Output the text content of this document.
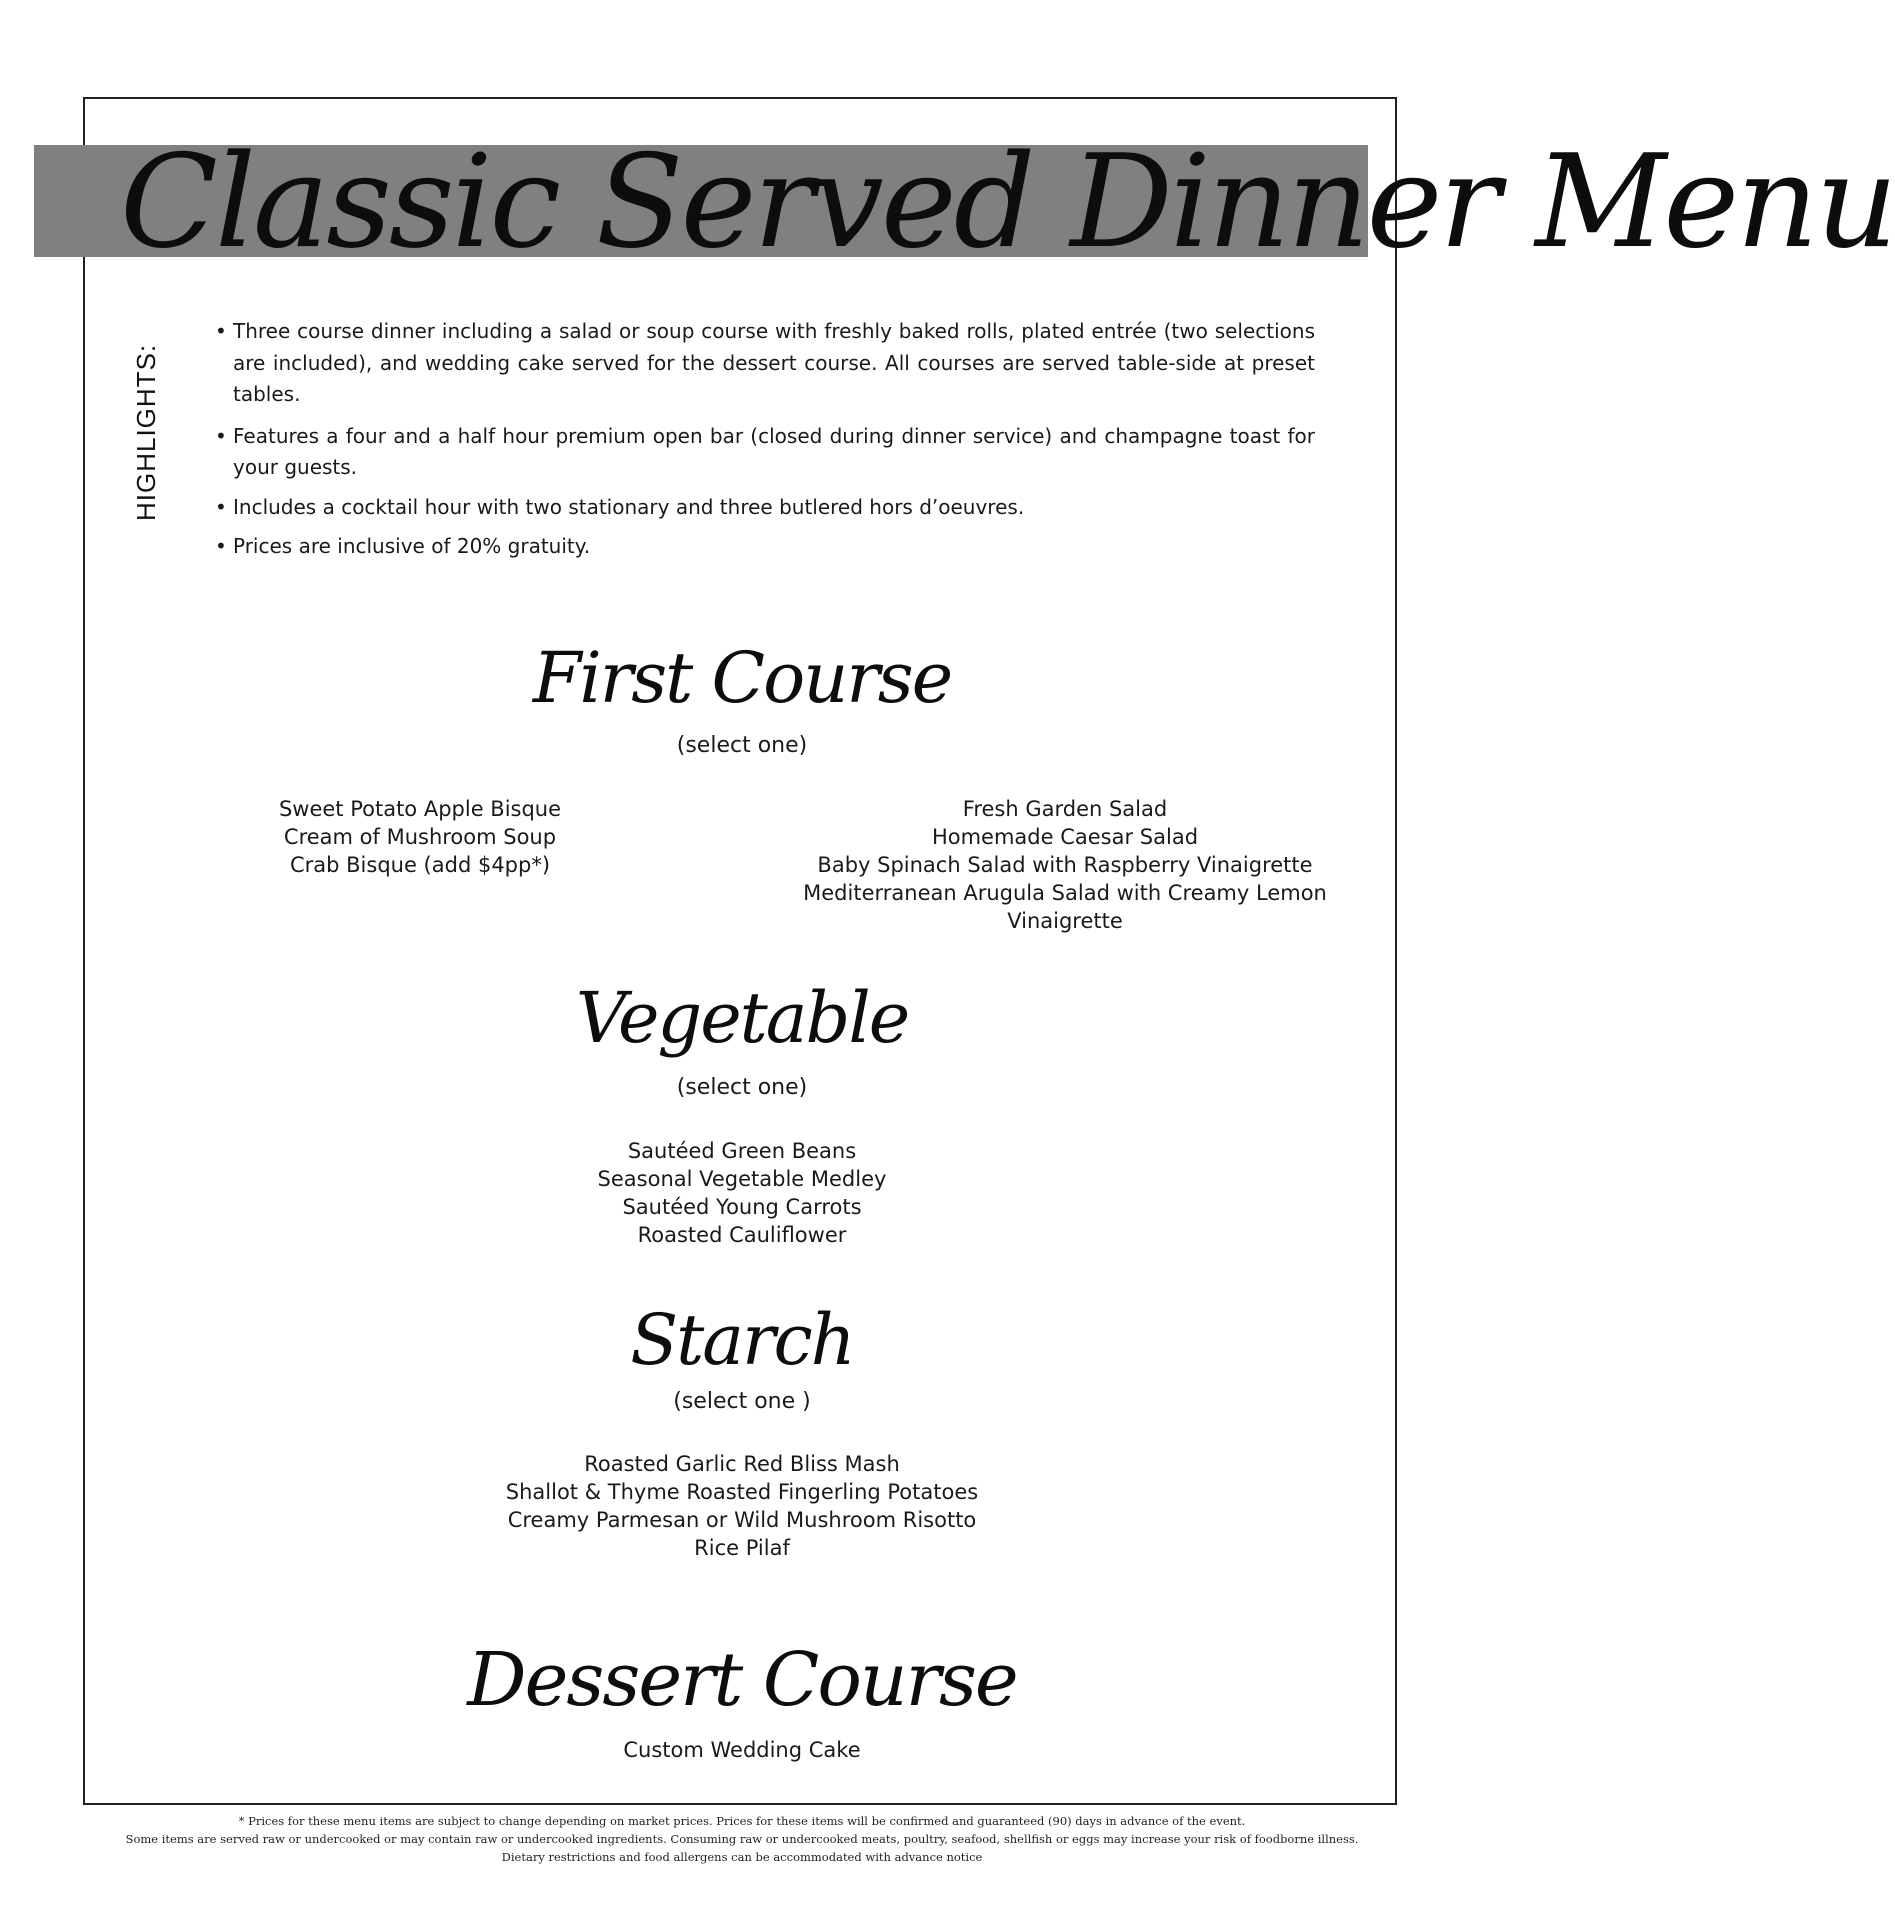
Classic Served Dinner Menu
HIGHLIGHTS:
• Three course dinner including a salad or soup course with freshly baked rolls, plated entrée (two selections are included), and wedding cake served for the dessert course. All courses are served table-side at preset tables.
• Features a four and a half hour premium open bar (closed during dinner service) and champagne toast for your guests.
• Includes a cocktail hour with two stationary and three butlered hors d’oeuvres.
• Prices are inclusive of 20% gratuity.
First Course
(select one)
Sweet Potato Apple Bisque
Cream of Mushroom Soup
Crab Bisque (add $4pp*)
Fresh Garden Salad
Homemade Caesar Salad
Baby Spinach Salad with Raspberry Vinaigrette
Mediterranean Arugula Salad with Creamy Lemon
Vinaigrette
Vegetable
(select one)
Sautéed Green Beans
Seasonal Vegetable Medley
Sautéed Young Carrots
Roasted Cauliflower
Starch
(select one )
Roasted Garlic Red Bliss Mash
Shallot & Thyme Roasted Fingerling Potatoes
Creamy Parmesan or Wild Mushroom Risotto
Rice Pilaf
Dessert Course
Custom Wedding Cake
* Prices for these menu items are subject to change depending on market prices. Prices for these items will be confirmed and guaranteed (90) days in advance of the event.
Some items are served raw or undercooked or may contain raw or undercooked ingredients. Consuming raw or undercooked meats, poultry, seafood, shellfish or eggs may increase your risk of foodborne illness.
Dietary restrictions and food allergens can be accommodated with advance notice
